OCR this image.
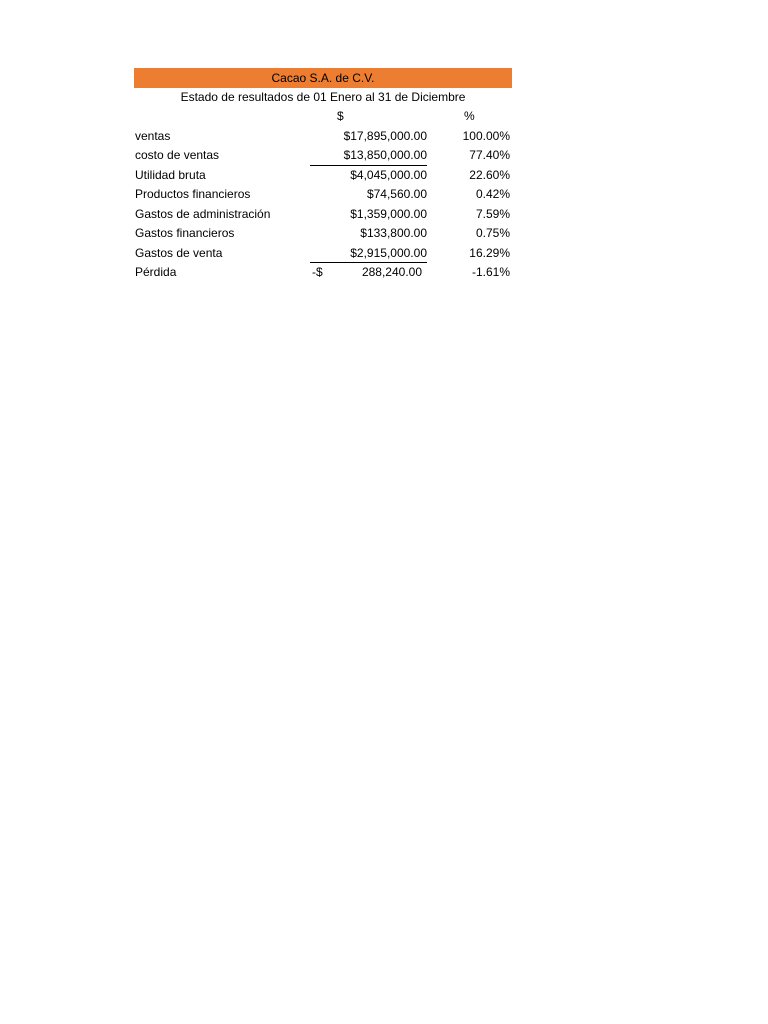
Cacao S.A. de C.V.
Estado de resultados de 01 Enero al 31 de Diciembre
$	%
ventas	$17,895,000.00	100.00%
costo de ventas	$13,850,000.00	77.40%
Utilidad bruta	$4,045,000.00	22.60%
Productos financieros	$74,560.00	0.42%
Gastos de administración	$1,359,000.00	7.59%
Gastos financieros	$133,800.00	0.75%
Gastos de venta	$2,915,000.00	16.29%
Pérdida	-$	288,240.00	-1.61%
